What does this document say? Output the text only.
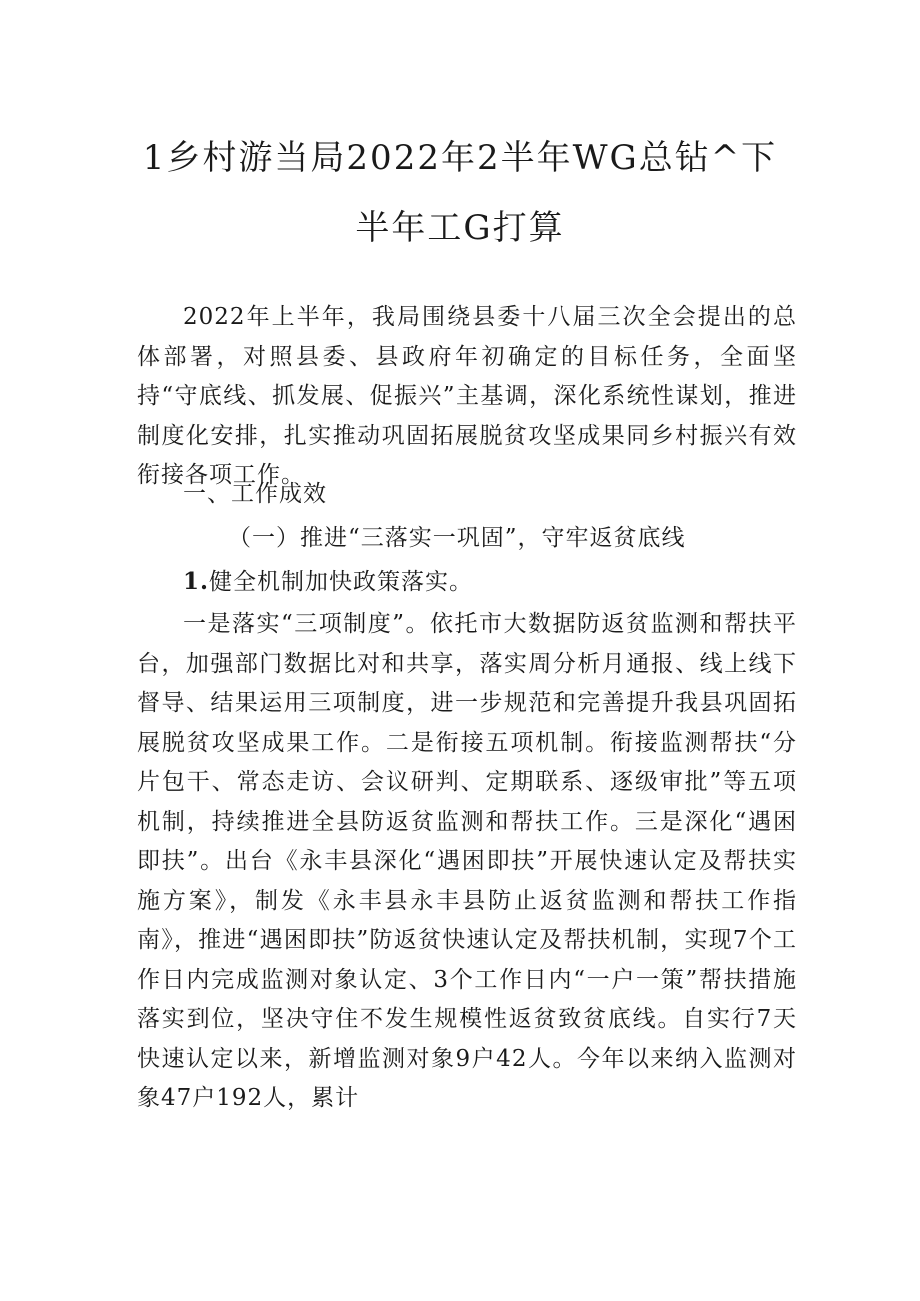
1乡村游当局2022年2半年WG总钻^下
半年工G打算

2022年上半年，我局围绕县委十八届三次全会提出的总体部署，对照县委、县政府年初确定的目标任务，全面坚持“守底线、抓发展、促振兴”主基调，深化系统性谋划，推进制度化安排，扎实推动巩固拓展脱贫攻坚成果同乡村振兴有效衔接各项工作。

一、工作成效

（一）推进“三落实一巩固”，守牢返贫底线

1.健全机制加快政策落实。

一是落实“三项制度”。依托市大数据防返贫监测和帮扶平台，加强部门数据比对和共享，落实周分析月通报、线上线下督导、结果运用三项制度，进一步规范和完善提升我县巩固拓展脱贫攻坚成果工作。二是衔接五项机制。衔接监测帮扶“分片包干、常态走访、会议研判、定期联系、逐级审批”等五项机制，持续推进全县防返贫监测和帮扶工作。三是深化“遇困即扶”。出台《永丰县深化“遇困即扶”开展快速认定及帮扶实施方案》，制发《永丰县永丰县防止返贫监测和帮扶工作指南》，推进“遇困即扶”防返贫快速认定及帮扶机制，实现7个工作日内完成监测对象认定、3个工作日内“一户一策”帮扶措施落实到位，坚决守住不发生规模性返贫致贫底线。自实行7天快速认定以来，新增监测对象9户42人。今年以来纳入监测对象47户192人，累计
